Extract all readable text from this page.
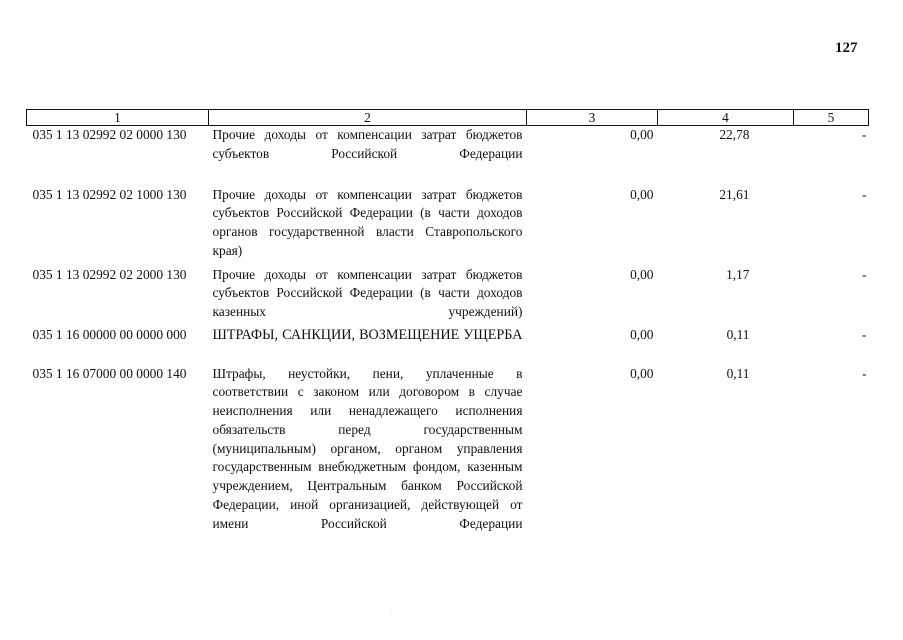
127
1	2	3	4	5
035 1 13 02992 02 0000 130	Прочие доходы от компенсации затрат бюджетов субъектов Российской Федерации	0,00	22,78	-
035 1 13 02992 02 1000 130	Прочие доходы от компенсации затрат бюджетов субъектов Российской Федерации (в части доходов органов государственной власти Ставропольского края)	0,00	21,61	-
035 1 13 02992 02 2000 130	Прочие доходы от компенсации затрат бюджетов субъектов Российской Федерации (в части доходов казенных учреждений)	0,00	1,17	-
035 1 16 00000 00 0000 000	ШТРАФЫ, САНКЦИИ, ВОЗМЕЩЕНИЕ УЩЕРБА	0,00	0,11	-
035 1 16 07000 00 0000 140	Штрафы, неустойки, пени, уплаченные в соответствии с законом или договором в случае неисполнения или ненадлежащего исполнения обязательств перед государственным (муниципальным) органом, органом управления государственным внебюджетным фондом, казенным учреждением, Центральным банком Российской Федерации, иной организацией, действующей от имени Российской Федерации	0,00	0,11	-
. · ˙ ·
